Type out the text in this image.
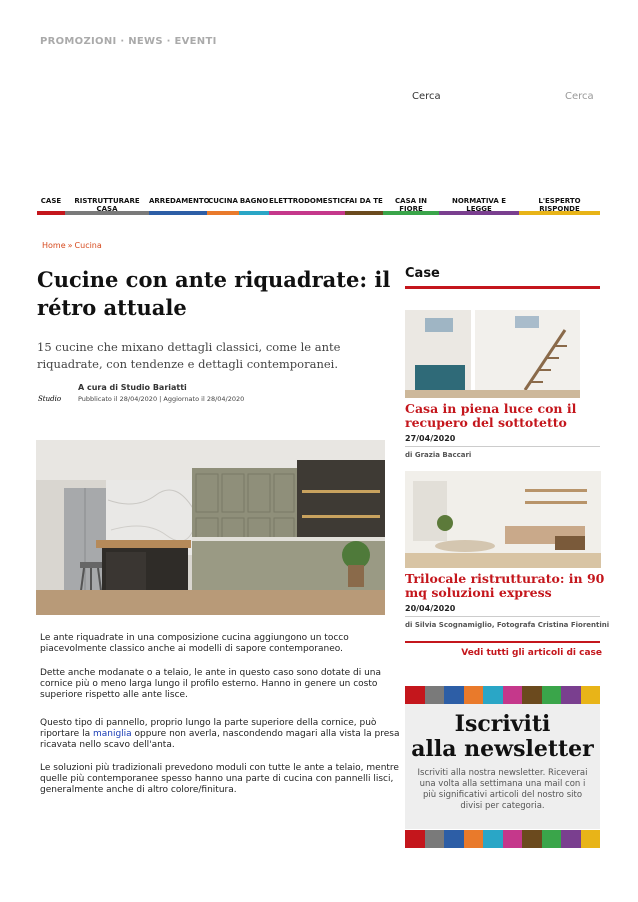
PROMOZIONI · NEWS · EVENTI
Cerca	Cerca
CASE	RISTRUTTURARE CASA
ARREDAMENTO
CUCINA BAGNO ELETTRODOMESTICI
FAI DA TE	CASA IN FIORE
NORMATIVA E LEGGE
L'ESPERTO RISPONDE
Home » Cucina
Cucine con ante riquadrate: il rétro attuale
15 cucine che mixano dettagli classici, come le ante riquadrate, con tendenze e dettagli contemporanei.
Studio
A cura di Studio Bariatti
Pubblicato il 28/04/2020 | Aggiornato il 28/04/2020
Le ante riquadrate in una composizione cucina aggiungono un tocco piacevolmente classico anche ai modelli di sapore contemporaneo.
Dette anche modanate o a telaio, le ante in questo caso sono dotate di una cornice più o meno larga lungo il profilo esterno. Hanno in genere un costo superiore rispetto alle ante lisce.
Questo tipo di pannello, proprio lungo la parte superiore della cornice, può riportare la maniglia oppure non averla, nascondendo magari alla vista la presa ricavata nello scavo dell'anta.
Le soluzioni più tradizionali prevedono moduli con tutte le ante a telaio, mentre quelle più contemporanee spesso hanno una parte di cucina con pannelli lisci, generalmente anche di altro colore/finitura.
Case
Casa in piena luce con il recupero del sottotetto
27/04/2020
di Grazia Baccari
Trilocale ristrutturato: in 90 mq soluzioni express
20/04/2020
di Silvia Scognamiglio, Fotografa Cristina Fiorentini
Vedi tutti gli articoli di case
Iscriviti
alla newsletter
Iscriviti alla nostra newsletter. Riceverai una volta alla settimana una mail con i più significativi articoli del nostro sito divisi per categoria.
